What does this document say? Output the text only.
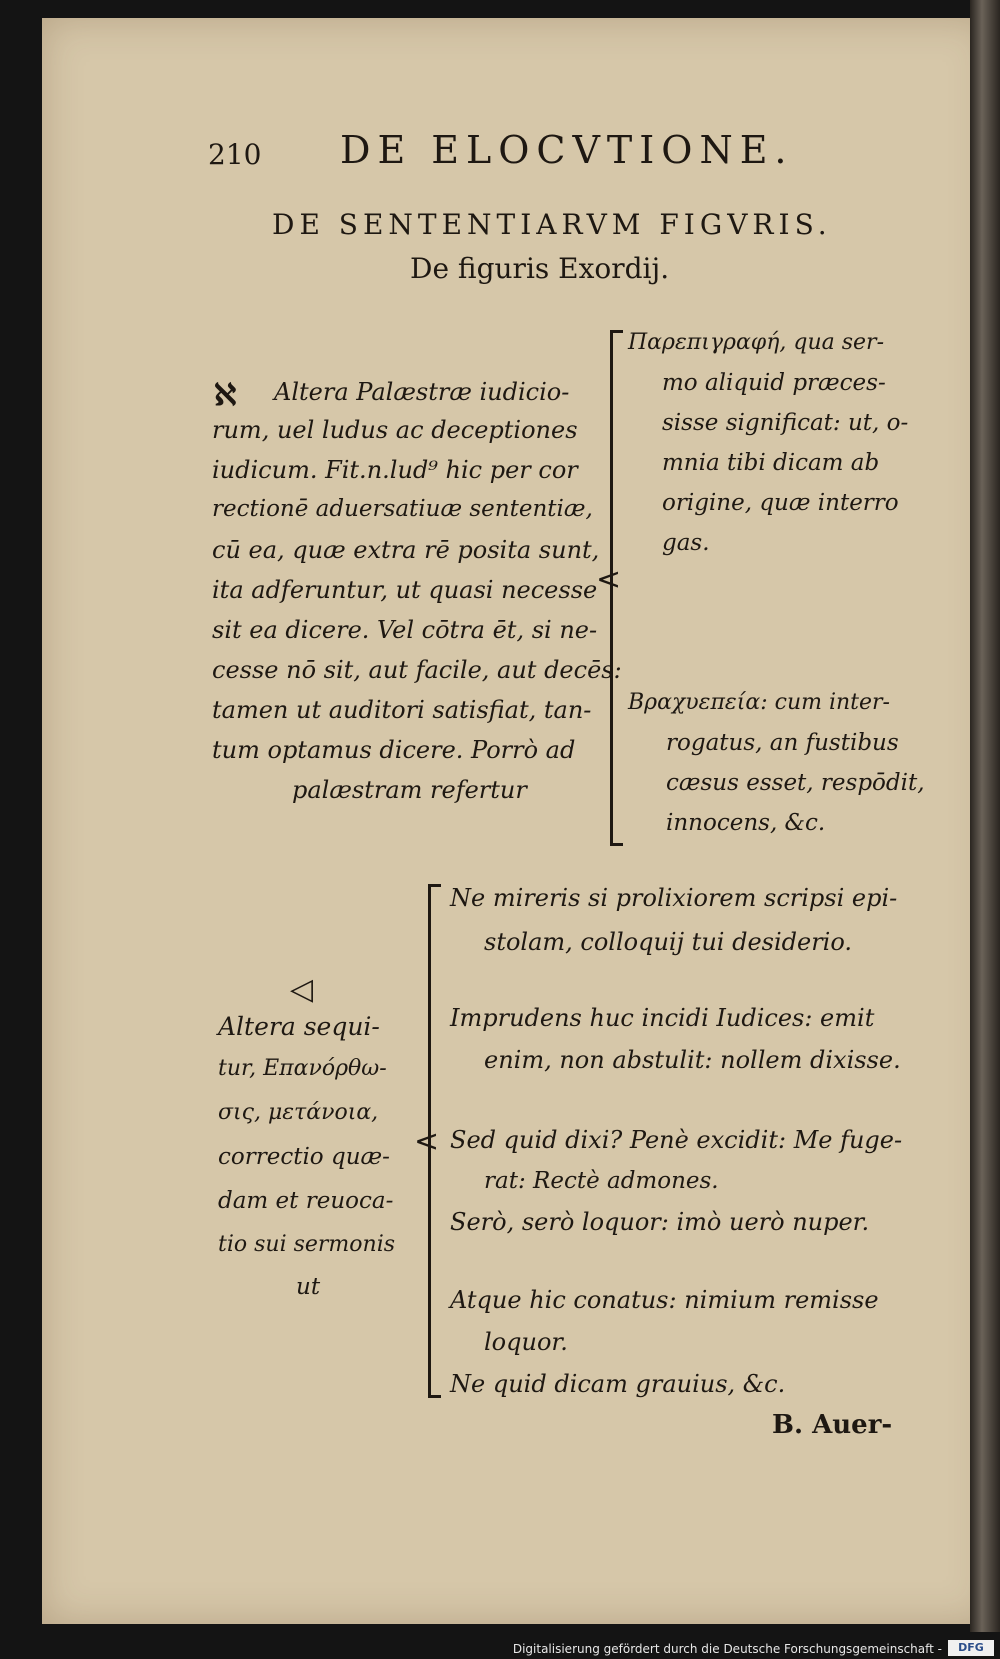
210 DE ELOCVTIONE.
DE SENTENTIARVM FIGVRIS.
De figuris Exordij.
ℵ Altera Palæstræ iudicio-
rum, uel ludus ac deceptiones
iudicum. Fit.n.lud⁹ hic per cor
rectionē aduersatiuæ sententiæ,
cū ea, quæ extra rē posita sunt,
ita adferuntur, ut quasi necesse
sit ea dicere. Vel cōtra ēt, si ne-
cesse nō sit, aut facile, aut decēs:
tamen ut auditori satisfiat, tan-
tum optamus dicere. Porrò ad
palæstram refertur
<
Παρεπιγραφή, qua ser-
mo aliquid præces-
sisse significat: ut, o-
mnia tibi dicam ab
origine, quæ interro
gas.
Βραχυεπεία: cum inter-
rogatus, an fustibus
cæsus esset, respōdit,
innocens, &c.
◁
Altera sequi-
tur, Επανόρθω-
σις, μετάνοια,
correctio quæ-
dam et reuoca-
tio sui sermonis
ut
<
Ne mireris si prolixiorem scripsi epi-
stolam, colloquij tui desiderio.
Imprudens huc incidi Iudices: emit
enim, non abstulit: nollem dixisse.
Sed quid dixi? Penè excidit: Me fuge-
rat: Rectè admones.
Serò, serò loquor: imò uerò nuper.
Atque hic conatus: nimium remisse
loquor.
Ne quid dicam grauius, &c.
B. Auer-
Digitalisierung gefördert durch die Deutsche Forschungsgemeinschaft -	DFG
